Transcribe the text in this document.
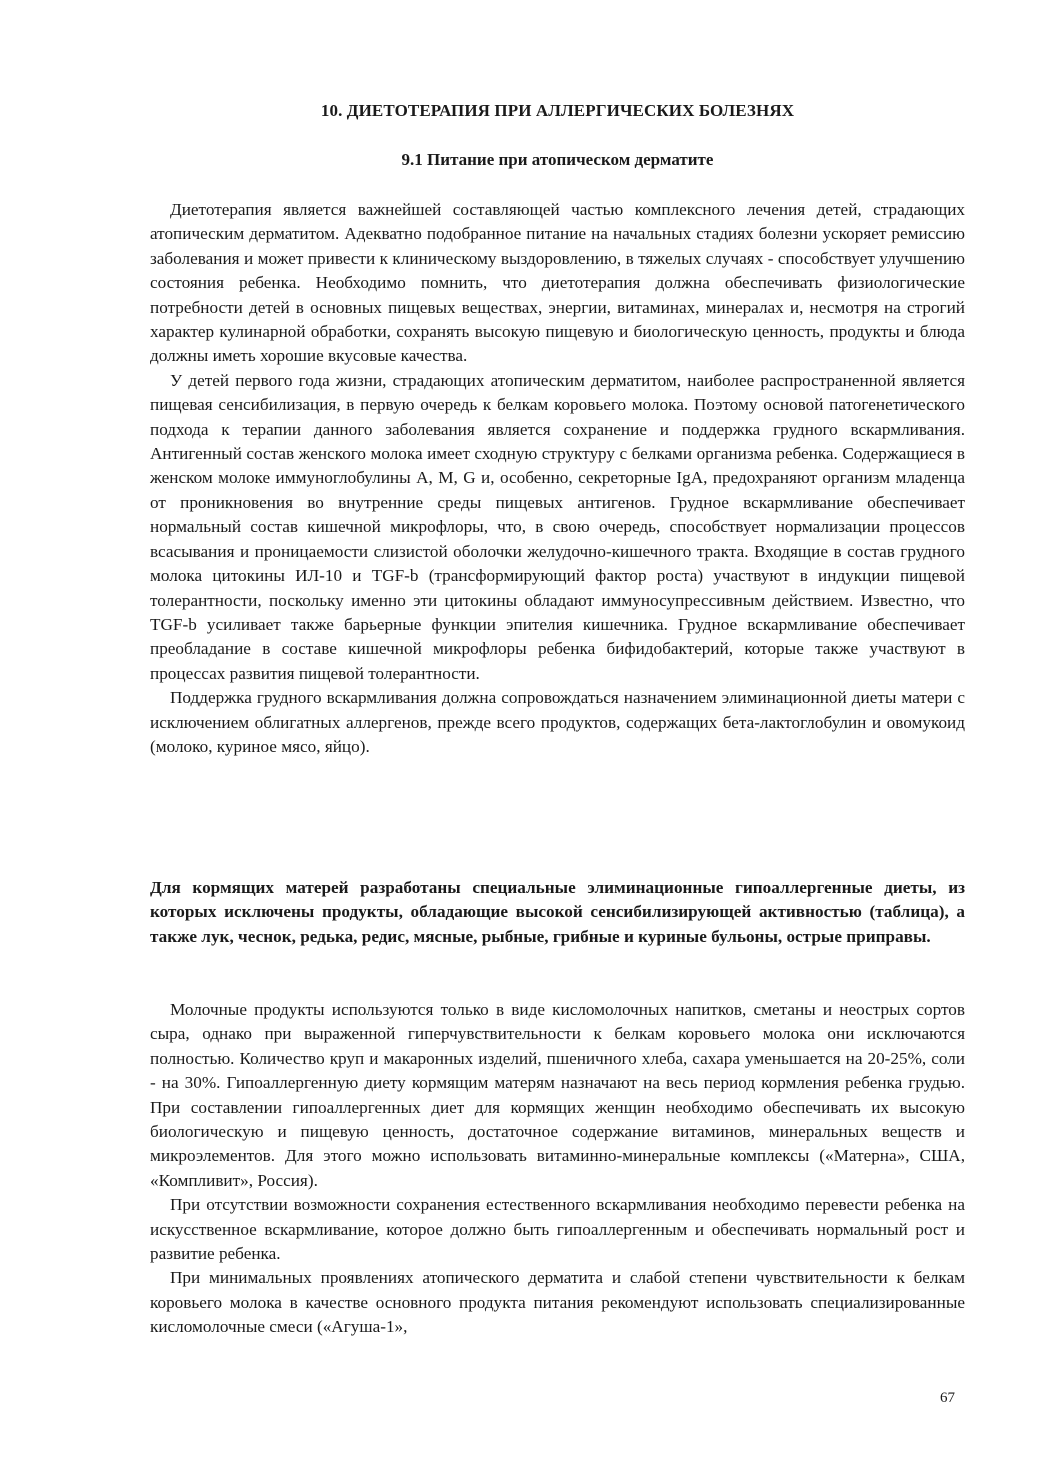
10. ДИЕТОТЕРАПИЯ ПРИ АЛЛЕРГИЧЕСКИХ БОЛЕЗНЯХ
9.1 Питание при атопическом дерматите

Диетотерапия является важнейшей составляющей частью комплексного лечения детей, страдающих атопическим дерматитом. Адекватно подобранное питание на начальных стадиях болезни ускоряет ремиссию заболевания и может привести к клиническому выздоровлению, в тяжелых случаях - способствует улучшению состояния ребенка. Необходимо помнить, что диетотерапия должна обеспечивать физиологические потребности детей в основных пищевых веществах, энергии, витаминах, минералах и, несмотря на строгий характер кулинарной обработки, сохранять высокую пищевую и биологическую ценность, продукты и блюда должны иметь хорошие вкусовые качества.

У детей первого года жизни, страдающих атопическим дерматитом, наиболее распространенной является пищевая сенсибилизация, в первую очередь к белкам коровьего молока. Поэтому основой патогенетического подхода к терапии данного заболевания является сохранение и поддержка грудного вскармливания. Антигенный состав женского молока имеет сходную структуру с белками организма ребенка. Содержащиеся в женском молоке иммуноглобулины А, M, G и, особенно, секреторные IgA, предохраняют организм младенца от проникновения во внутренние среды пищевых антигенов. Грудное вскармливание обеспечивает нормальный состав кишечной микрофлоры, что, в свою очередь, способствует нормализации процессов всасывания и проницаемости слизистой оболочки желудочно-кишечного тракта. Входящие в состав грудного молока цитокины ИЛ-10 и TGF-b (трансформирующий фактор роста) участвуют в индукции пищевой толерантности, поскольку именно эти цитокины обладают иммуносупрессивным действием. Известно, что TGF-b усиливает также барьерные функции эпителия кишечника. Грудное вскармливание обеспечивает преобладание в составе кишечной микрофлоры ребенка бифидобактерий, которые также участвуют в процессах развития пищевой толерантности.

Поддержка грудного вскармливания должна сопровождаться назначением элиминационной диеты матери с исключением облигатных аллергенов, прежде всего продуктов, содержащих бета-лактоглобулин и овомукоид (молоко, куриное мясо, яйцо).

Для кормящих матерей разработаны специальные элиминационные гипоаллергенные диеты, из которых исключены продукты, обладающие высокой сенсибилизирующей активностью (таблица), а также лук, чеснок, редька, редис, мясные, рыбные, грибные и куриные бульоны, острые приправы.

Молочные продукты используются только в виде кисломолочных напитков, сметаны и неострых сортов сыра, однако при выраженной гиперчувствительности к белкам коровьего молока они исключаются полностью. Количество круп и макаронных изделий, пшеничного хлеба, сахара уменьшается на 20-25%, соли - на 30%. Гипоаллергенную диету кормящим матерям назначают на весь период кормления ребенка грудью. При составлении гипоаллергенных диет для кормящих женщин необходимо обеспечивать их высокую биологическую и пищевую ценность, достаточное содержание витаминов, минеральных веществ и микроэлементов. Для этого можно использовать витаминно-минеральные комплексы («Матерна», США, «Компливит», Россия).

При отсутствии возможности сохранения естественного вскармливания необходимо перевести ребенка на искусственное вскармливание, которое должно быть гипоаллергенным и обеспечивать нормальный рост и развитие ребенка.

При минимальных проявлениях атопического дерматита и слабой степени чувствительности к белкам коровьего молока в качестве основного продукта питания рекомендуют использовать специализированные кисломолочные смеси («Агуша-1»,

67
